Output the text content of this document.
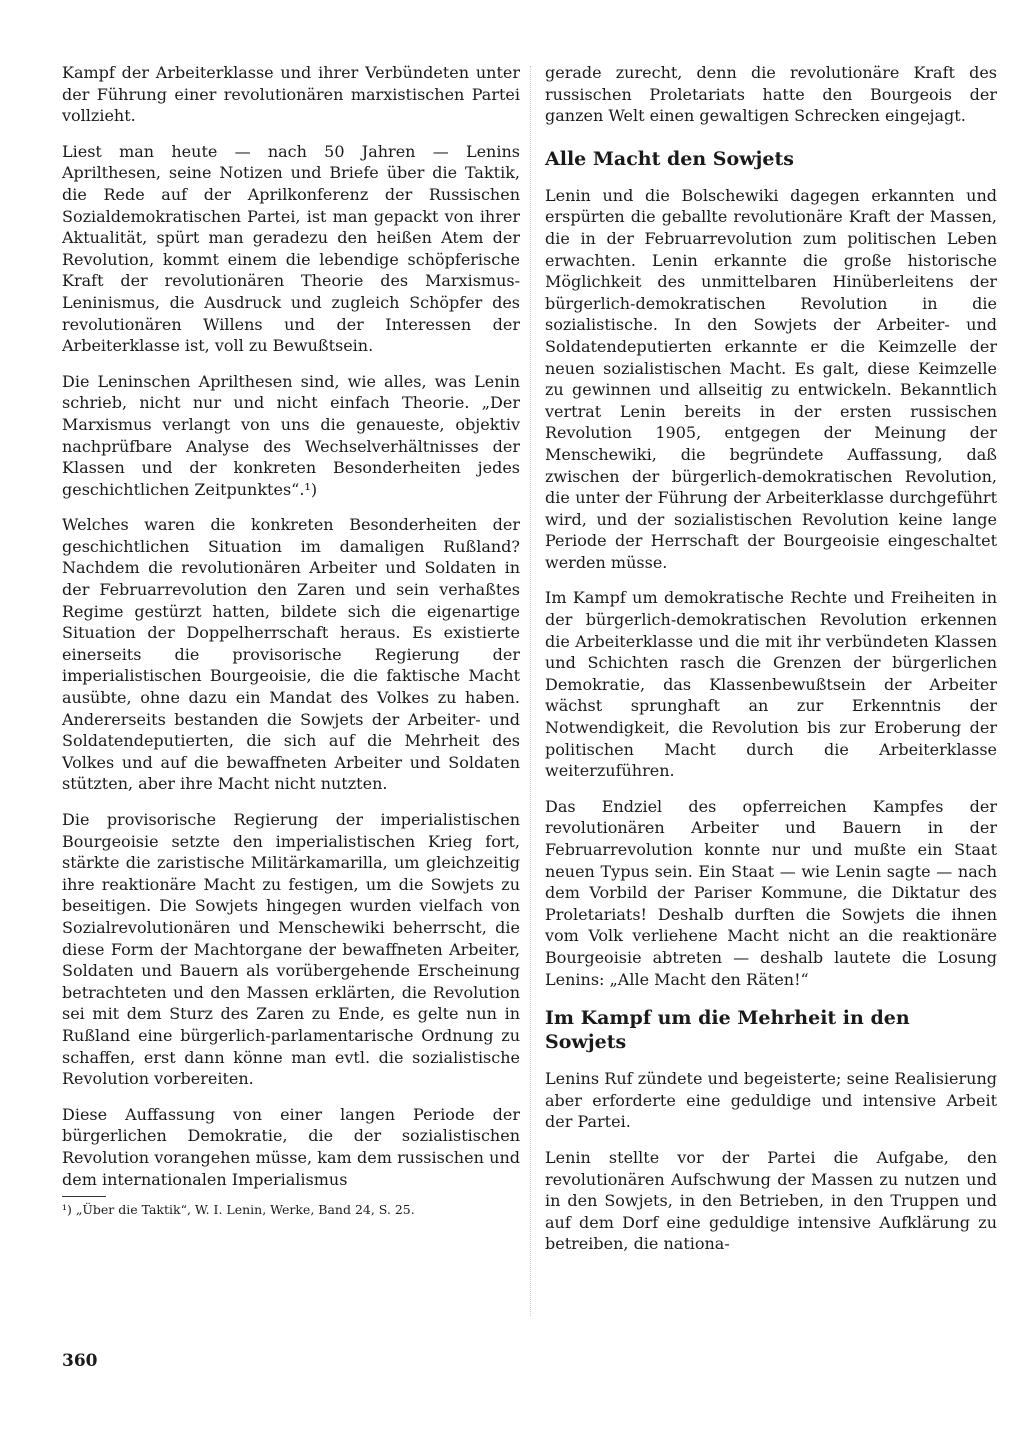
Kampf der Arbeiterklasse und ihrer Verbündeten unter der Führung einer revolutionären marxistischen Partei vollzieht.

Liest man heute — nach 50 Jahren — Lenins Aprilthesen, seine Notizen und Briefe über die Taktik, die Rede auf der Aprilkonferenz der Russischen Sozialdemokratischen Partei, ist man gepackt von ihrer Aktualität, spürt man geradezu den heißen Atem der Revolution, kommt einem die lebendige schöpferische Kraft der revolutionären Theorie des Marxismus-Leninismus, die Ausdruck und zugleich Schöpfer des revolutionären Willens und der Interessen der Arbeiterklasse ist, voll zu Bewußtsein.

Die Leninschen Aprilthesen sind, wie alles, was Lenin schrieb, nicht nur und nicht einfach Theorie. „Der Marxismus verlangt von uns die genaueste, objektiv nachprüfbare Analyse des Wechselverhältnisses der Klassen und der konkreten Besonderheiten jedes geschichtlichen Zeitpunktes“.¹)

Welches waren die konkreten Besonderheiten der geschichtlichen Situation im damaligen Rußland? Nachdem die revolutionären Arbeiter und Soldaten in der Februarrevolution den Zaren und sein verhaßtes Regime gestürzt hatten, bildete sich die eigenartige Situation der Doppelherrschaft heraus. Es existierte einerseits die provisorische Regierung der imperialistischen Bourgeoisie, die die faktische Macht ausübte, ohne dazu ein Mandat des Volkes zu haben. Andererseits bestanden die Sowjets der Arbeiter- und Soldatendeputierten, die sich auf die Mehrheit des Volkes und auf die bewaffneten Arbeiter und Soldaten stützten, aber ihre Macht nicht nutzten.

Die provisorische Regierung der imperialistischen Bourgeoisie setzte den imperialistischen Krieg fort, stärkte die zaristische Militärkamarilla, um gleichzeitig ihre reaktionäre Macht zu festigen, um die Sowjets zu beseitigen. Die Sowjets hingegen wurden vielfach von Sozialrevolutionären und Menschewiki beherrscht, die diese Form der Machtorgane der bewaffneten Arbeiter, Soldaten und Bauern als vorübergehende Erscheinung betrachteten und den Massen erklärten, die Revolution sei mit dem Sturz des Zaren zu Ende, es gelte nun in Rußland eine bürgerlich-parlamentarische Ordnung zu schaffen, erst dann könne man evtl. die sozialistische Revolution vorbereiten.

Diese Auffassung von einer langen Periode der bürgerlichen Demokratie, die der sozialistischen Revolution vorangehen müsse, kam dem russischen und dem internationalen Imperialismus

¹) „Über die Taktik“, W. I. Lenin, Werke, Band 24, S. 25.

gerade zurecht, denn die revolutionäre Kraft des russischen Proletariats hatte den Bourgeois der ganzen Welt einen gewaltigen Schrecken eingejagt.

Alle Macht den Sowjets

Lenin und die Bolschewiki dagegen erkannten und erspürten die geballte revolutionäre Kraft der Massen, die in der Februarrevolution zum politischen Leben erwachten. Lenin erkannte die große historische Möglichkeit des unmittelbaren Hinüberleitens der bürgerlich-demokratischen Revolution in die sozialistische. In den Sowjets der Arbeiter- und Soldatendeputierten erkannte er die Keimzelle der neuen sozialistischen Macht. Es galt, diese Keimzelle zu gewinnen und allseitig zu entwickeln. Bekanntlich vertrat Lenin bereits in der ersten russischen Revolution 1905, entgegen der Meinung der Menschewiki, die begründete Auffassung, daß zwischen der bürgerlich-demokratischen Revolution, die unter der Führung der Arbeiterklasse durchgeführt wird, und der sozialistischen Revolution keine lange Periode der Herrschaft der Bourgeoisie eingeschaltet werden müsse.

Im Kampf um demokratische Rechte und Freiheiten in der bürgerlich-demokratischen Revolution erkennen die Arbeiterklasse und die mit ihr verbündeten Klassen und Schichten rasch die Grenzen der bürgerlichen Demokratie, das Klassenbewußtsein der Arbeiter wächst sprunghaft an zur Erkenntnis der Notwendigkeit, die Revolution bis zur Eroberung der politischen Macht durch die Arbeiterklasse weiterzuführen.

Das Endziel des opferreichen Kampfes der revolutionären Arbeiter und Bauern in der Februarrevolution konnte nur und mußte ein Staat neuen Typus sein. Ein Staat — wie Lenin sagte — nach dem Vorbild der Pariser Kommune, die Diktatur des Proletariats! Deshalb durften die Sowjets die ihnen vom Volk verliehene Macht nicht an die reaktionäre Bourgeoisie abtreten — deshalb lautete die Losung Lenins: „Alle Macht den Räten!“

Im Kampf um die Mehrheit in den Sowjets

Lenins Ruf zündete und begeisterte; seine Realisierung aber erforderte eine geduldige und intensive Arbeit der Partei.

Lenin stellte vor der Partei die Aufgabe, den revolutionären Aufschwung der Massen zu nutzen und in den Sowjets, in den Betrieben, in den Truppen und auf dem Dorf eine geduldige intensive Aufklärung zu betreiben, die nationa-

360
